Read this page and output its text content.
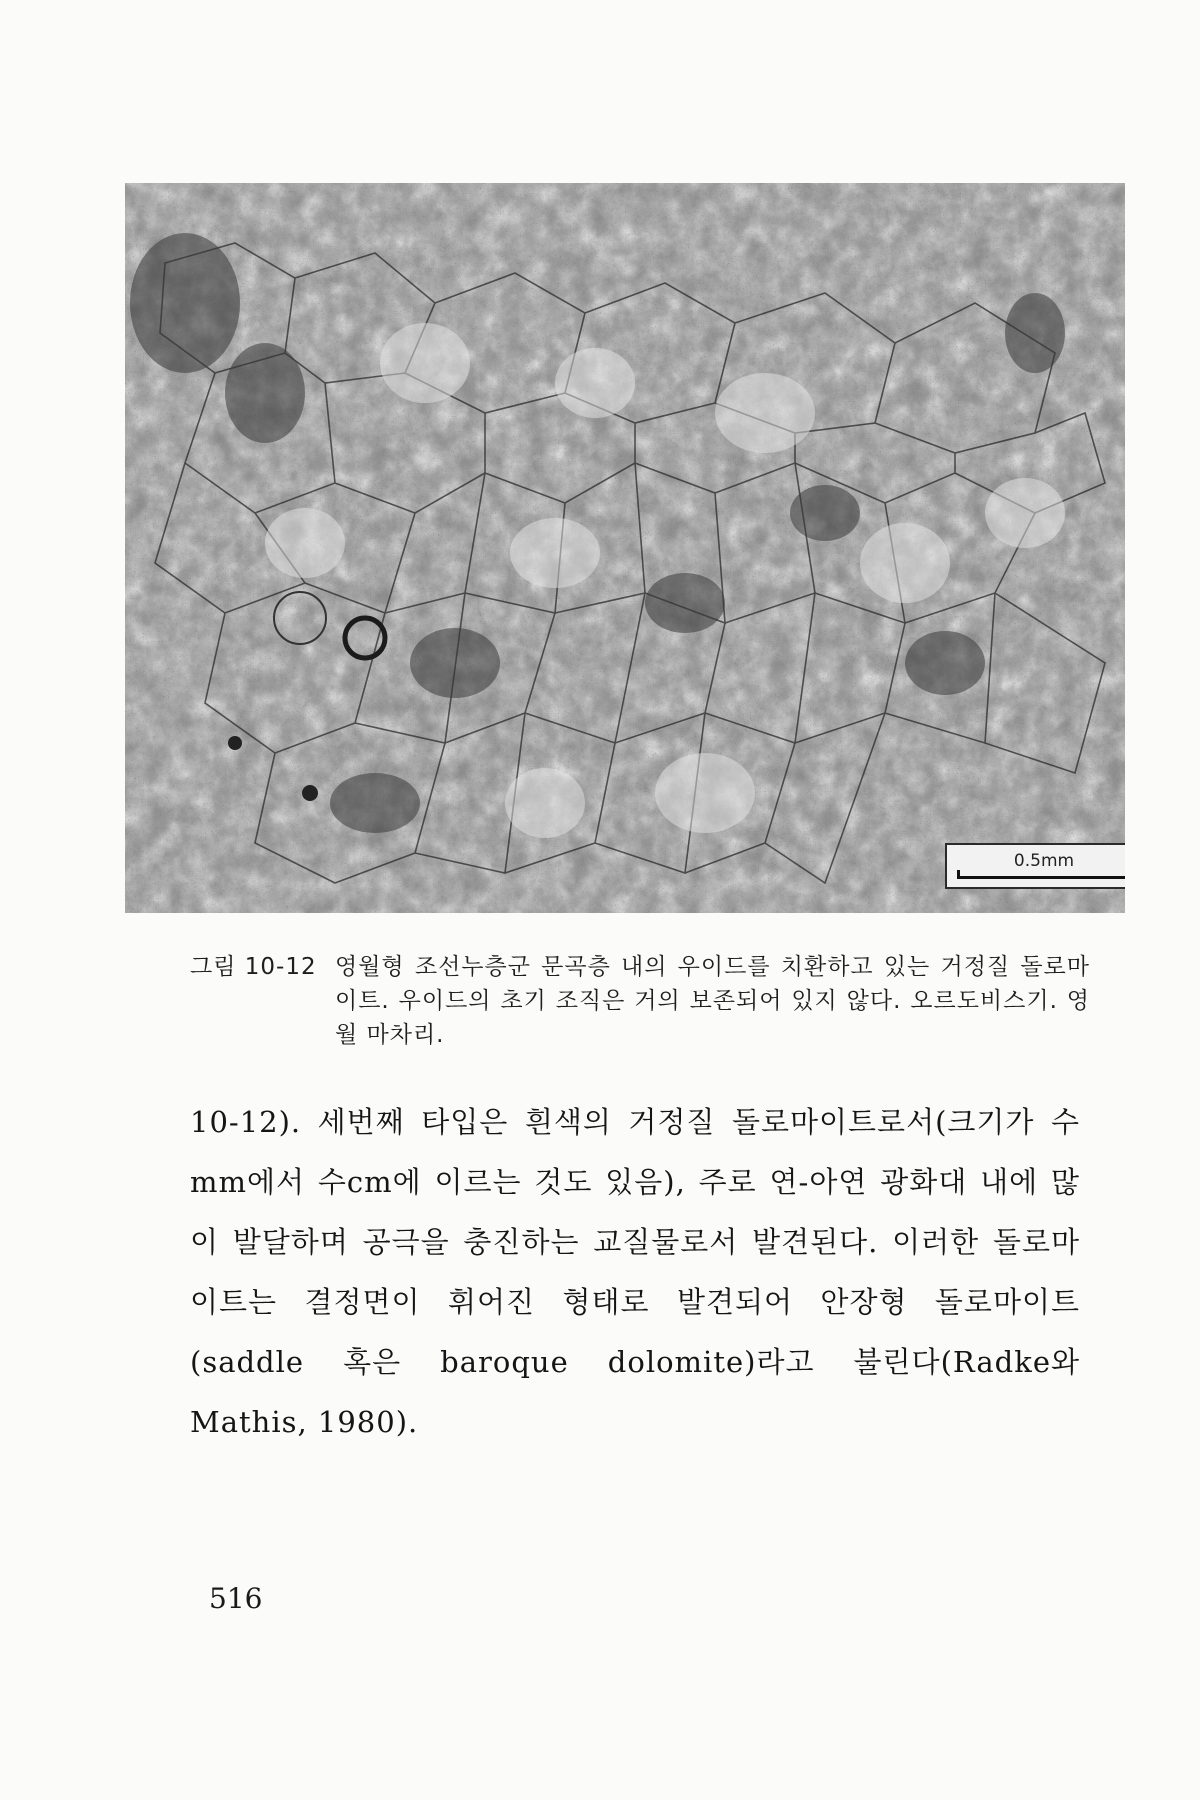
0.5mm
그림 10-12 영월형 조선누층군 문곡층 내의 우이드를 치환하고 있는 거정질 돌로마이트. 우이드의 초기 조직은 거의 보존되어 있지 않다. 오르도비스기. 영월 마차리.
10-12). 세번째 타입은 흰색의 거정질 돌로마이트로서(크기가 수 mm에서 수cm에 이르는 것도 있음), 주로 연-아연 광화대 내에 많이 발달하며 공극을 충진하는 교질물로서 발견된다. 이러한 돌로마이트는 결정면이 휘어진 형태로 발견되어 안장형 돌로마이트(saddle 혹은 baroque dolomite)라고 불린다(Radke와 Mathis, 1980).
516
